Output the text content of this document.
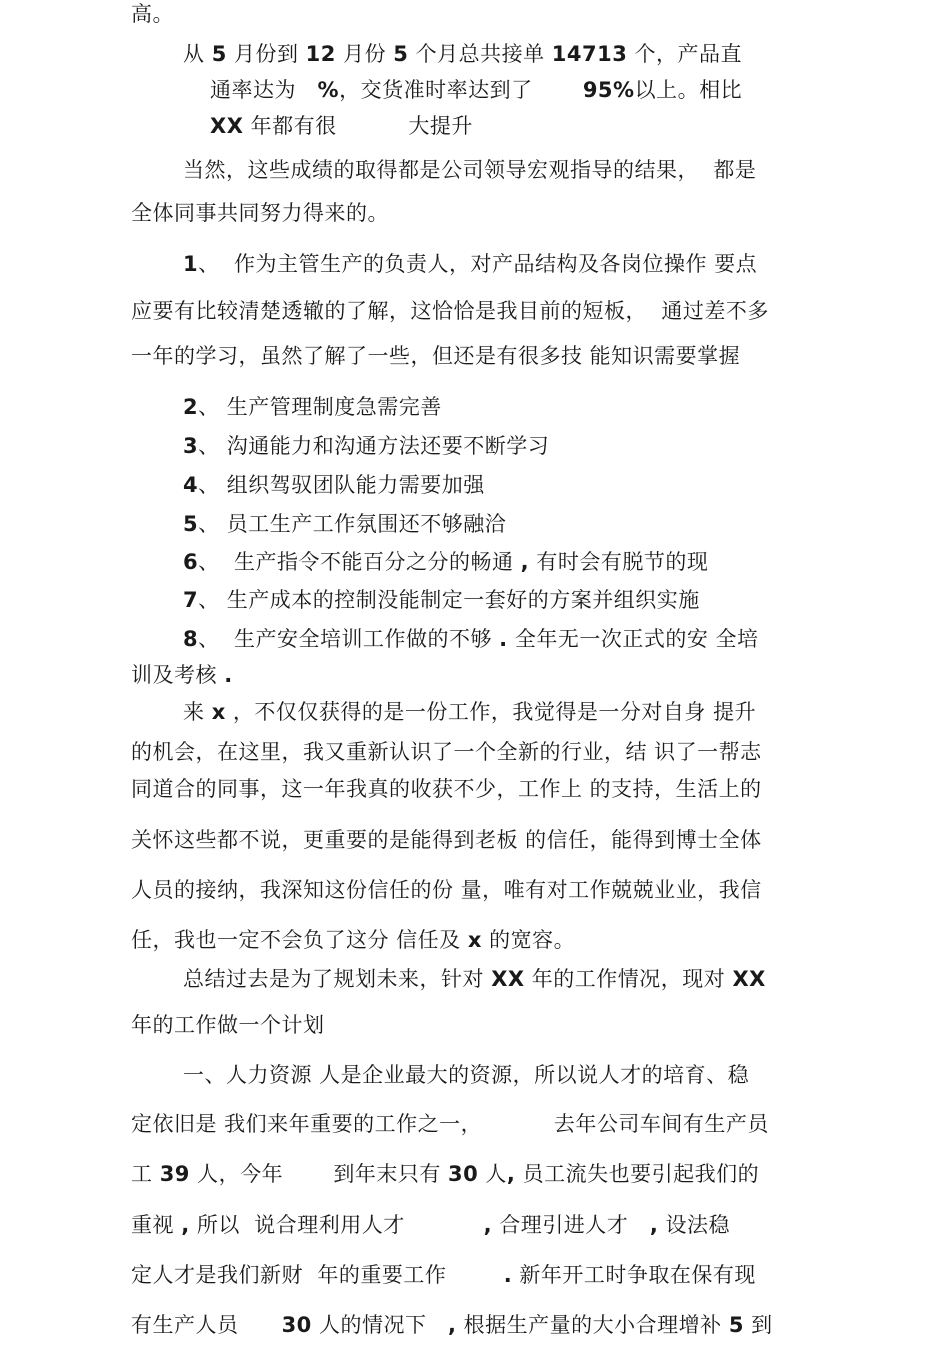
高。
从 5 月份到 12 月份 5 个月总共接单 14713 个，产品直
通率达为   %，交货准时率达到了       95%以上。相比
XX 年都有很          大提升
当然，这些成绩的取得都是公司领导宏观指导的结果，  都是
全体同事共同努力得来的。
1、  作为主管生产的负责人，对产品结构及各岗位操作 要点
应要有比较清楚透辙的了解，这恰恰是我目前的短板，  通过差不多
一年的学习，虽然了解了一些，但还是有很多技 能知识需要掌握
2、 生产管理制度急需完善
3、 沟通能力和沟通方法还要不断学习
4、 组织驾驭团队能力需要加强
5、 员工生产工作氛围还不够融洽
6、  生产指令不能百分之分的畅通 , 有时会有脱节的现
7、 生产成本的控制没能制定一套好的方案并组织实施
8、  生产安全培训工作做的不够 . 全年无一次正式的安 全培
训及考核 .
来 x ，不仅仅获得的是一份工作，我觉得是一分对自身 提升
的机会，在这里，我又重新认识了一个全新的行业，结 识了一帮志
同道合的同事，这一年我真的收获不少，工作上 的支持，生活上的
关怀这些都不说，更重要的是能得到老板 的信任，能得到博士全体
人员的接纳，我深知这份信任的份 量，唯有对工作兢兢业业，我信
任，我也一定不会负了这分 信任及 x 的宽容。
总结过去是为了规划未来，针对 XX 年的工作情况，现对 XX
年的工作做一个计划
一、人力资源 人是企业最大的资源，所以说人才的培育、稳
定依旧是 我们来年重要的工作之一，          去年公司车间有生产员
工 39 人，今年       到年末只有 30 人, 员工流失也要引起我们的
重视 , 所以  说合理利用人才           , 合理引进人才   , 设法稳
定人才是我们新财  年的重要工作        . 新年开工时争取在保有现
有生产人员      30 人的情况下   , 根据生产量的大小合理增补 5 到
